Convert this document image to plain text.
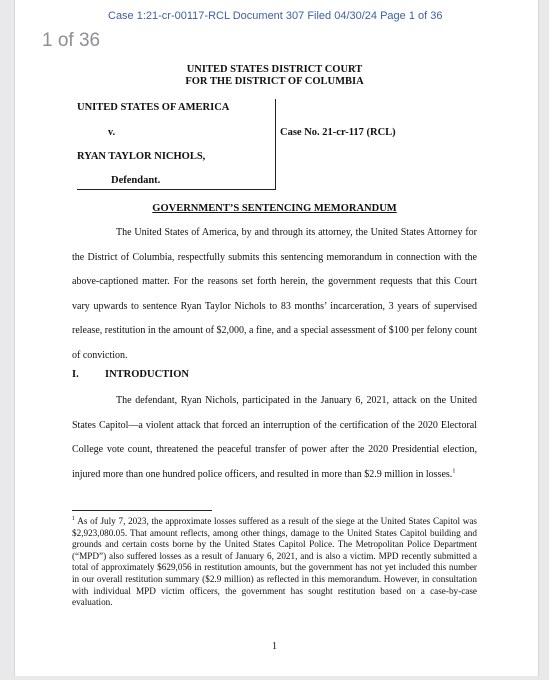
Case 1:21-cr-00117-RCL Document 307 Filed 04/30/24 Page 1 of 36
1 of 36
UNITED STATES DISTRICT COURT
FOR THE DISTRICT OF COLUMBIA
UNITED STATES OF AMERICA
v.
RYAN TAYLOR NICHOLS,
Defendant.
Case No. 21-cr-117 (RCL)
GOVERNMENT’S SENTENCING MEMORANDUM
The United States of America, by and through its attorney, the United States Attorney for the District of Columbia, respectfully submits this sentencing memorandum in connection with the above-captioned matter. For the reasons set forth herein, the government requests that this Court vary upwards to sentence Ryan Taylor Nichols to 83 months’ incarceration, 3 years of supervised release, restitution in the amount of $2,000, a fine, and a special assessment of $100 per felony count of conviction.
I.	INTRODUCTION
The defendant, Ryan Nichols, participated in the January 6, 2021, attack on the United States Capitol—a violent attack that forced an interruption of the certification of the 2020 Electoral College vote count, threatened the peaceful transfer of power after the 2020 Presidential election, injured more than one hundred police officers, and resulted in more than $2.9 million in losses.$^1$
$^1$ As of July 7, 2023, the approximate losses suffered as a result of the siege at the United States Capitol was $2,923,080.05. That amount reflects, among other things, damage to the United States Capitol building and grounds and certain costs borne by the United States Capitol Police. The Metropolitan Police Department (“MPD”) also suffered losses as a result of January 6, 2021, and is also a victim. MPD recently submitted a total of approximately $629,056 in restitution amounts, but the government has not yet included this number in our overall restitution summary ($2.9 million) as reflected in this memorandum. However, in consultation with individual MPD victim officers, the government has sought restitution based on a case-by-case evaluation.
1
